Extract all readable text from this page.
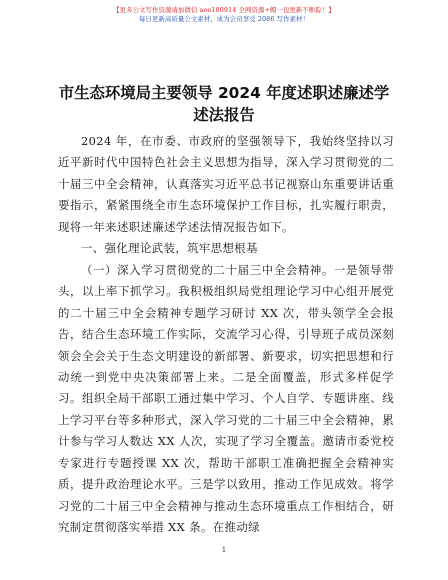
【更多公文写作资源请加微信 aoo180914 全网资源+帽一包更新不断踪！】
每日更新高质量公文素材，成为会员享受 2086 写作素材！
市生态环境局主要领导 2024 年度述职述廉述学
述法报告

2024 年，在市委、市政府的坚强领导下，我始终坚持以习近平新时代中国特色社会主义思想为指导，深入学习贯彻党的二十届三中全会精神，认真落实习近平总书记视察山东重要讲话重要指示，紧紧围绕全市生态环境保护工作目标，扎实履行职责，现将一年来述职述廉述学述法情况报告如下。

一、强化理论武装，筑牢思想根基

（一）深入学习贯彻党的二十届三中全会精神。一是领导带头，以上率下抓学习。我积极组织局党组理论学习中心组开展党的二十届三中全会精神专题学习研讨 XX 次，带头领学全会报告，结合生态环境工作实际，交流学习心得，引导班子成员深刻领会全会关于生态文明建设的新部署、新要求，切实把思想和行动统一到党中央决策部署上来。二是全面覆盖，形式多样促学习。组织全局干部职工通过集中学习、个人自学、专题讲座、线上学习平台等多种形式，深入学习党的二十届三中全会精神，累计参与学习人数达 XX 人次，实现了学习全覆盖。邀请市委党校专家进行专题授课 XX 次，帮助干部职工准确把握全会精神实质，提升政治理论水平。三是学以致用，推动工作见成效。将学习党的二十届三中全会精神与推动生态环境重点工作相结合，研究制定贯彻落实举措 XX 条。在推动绿

1
